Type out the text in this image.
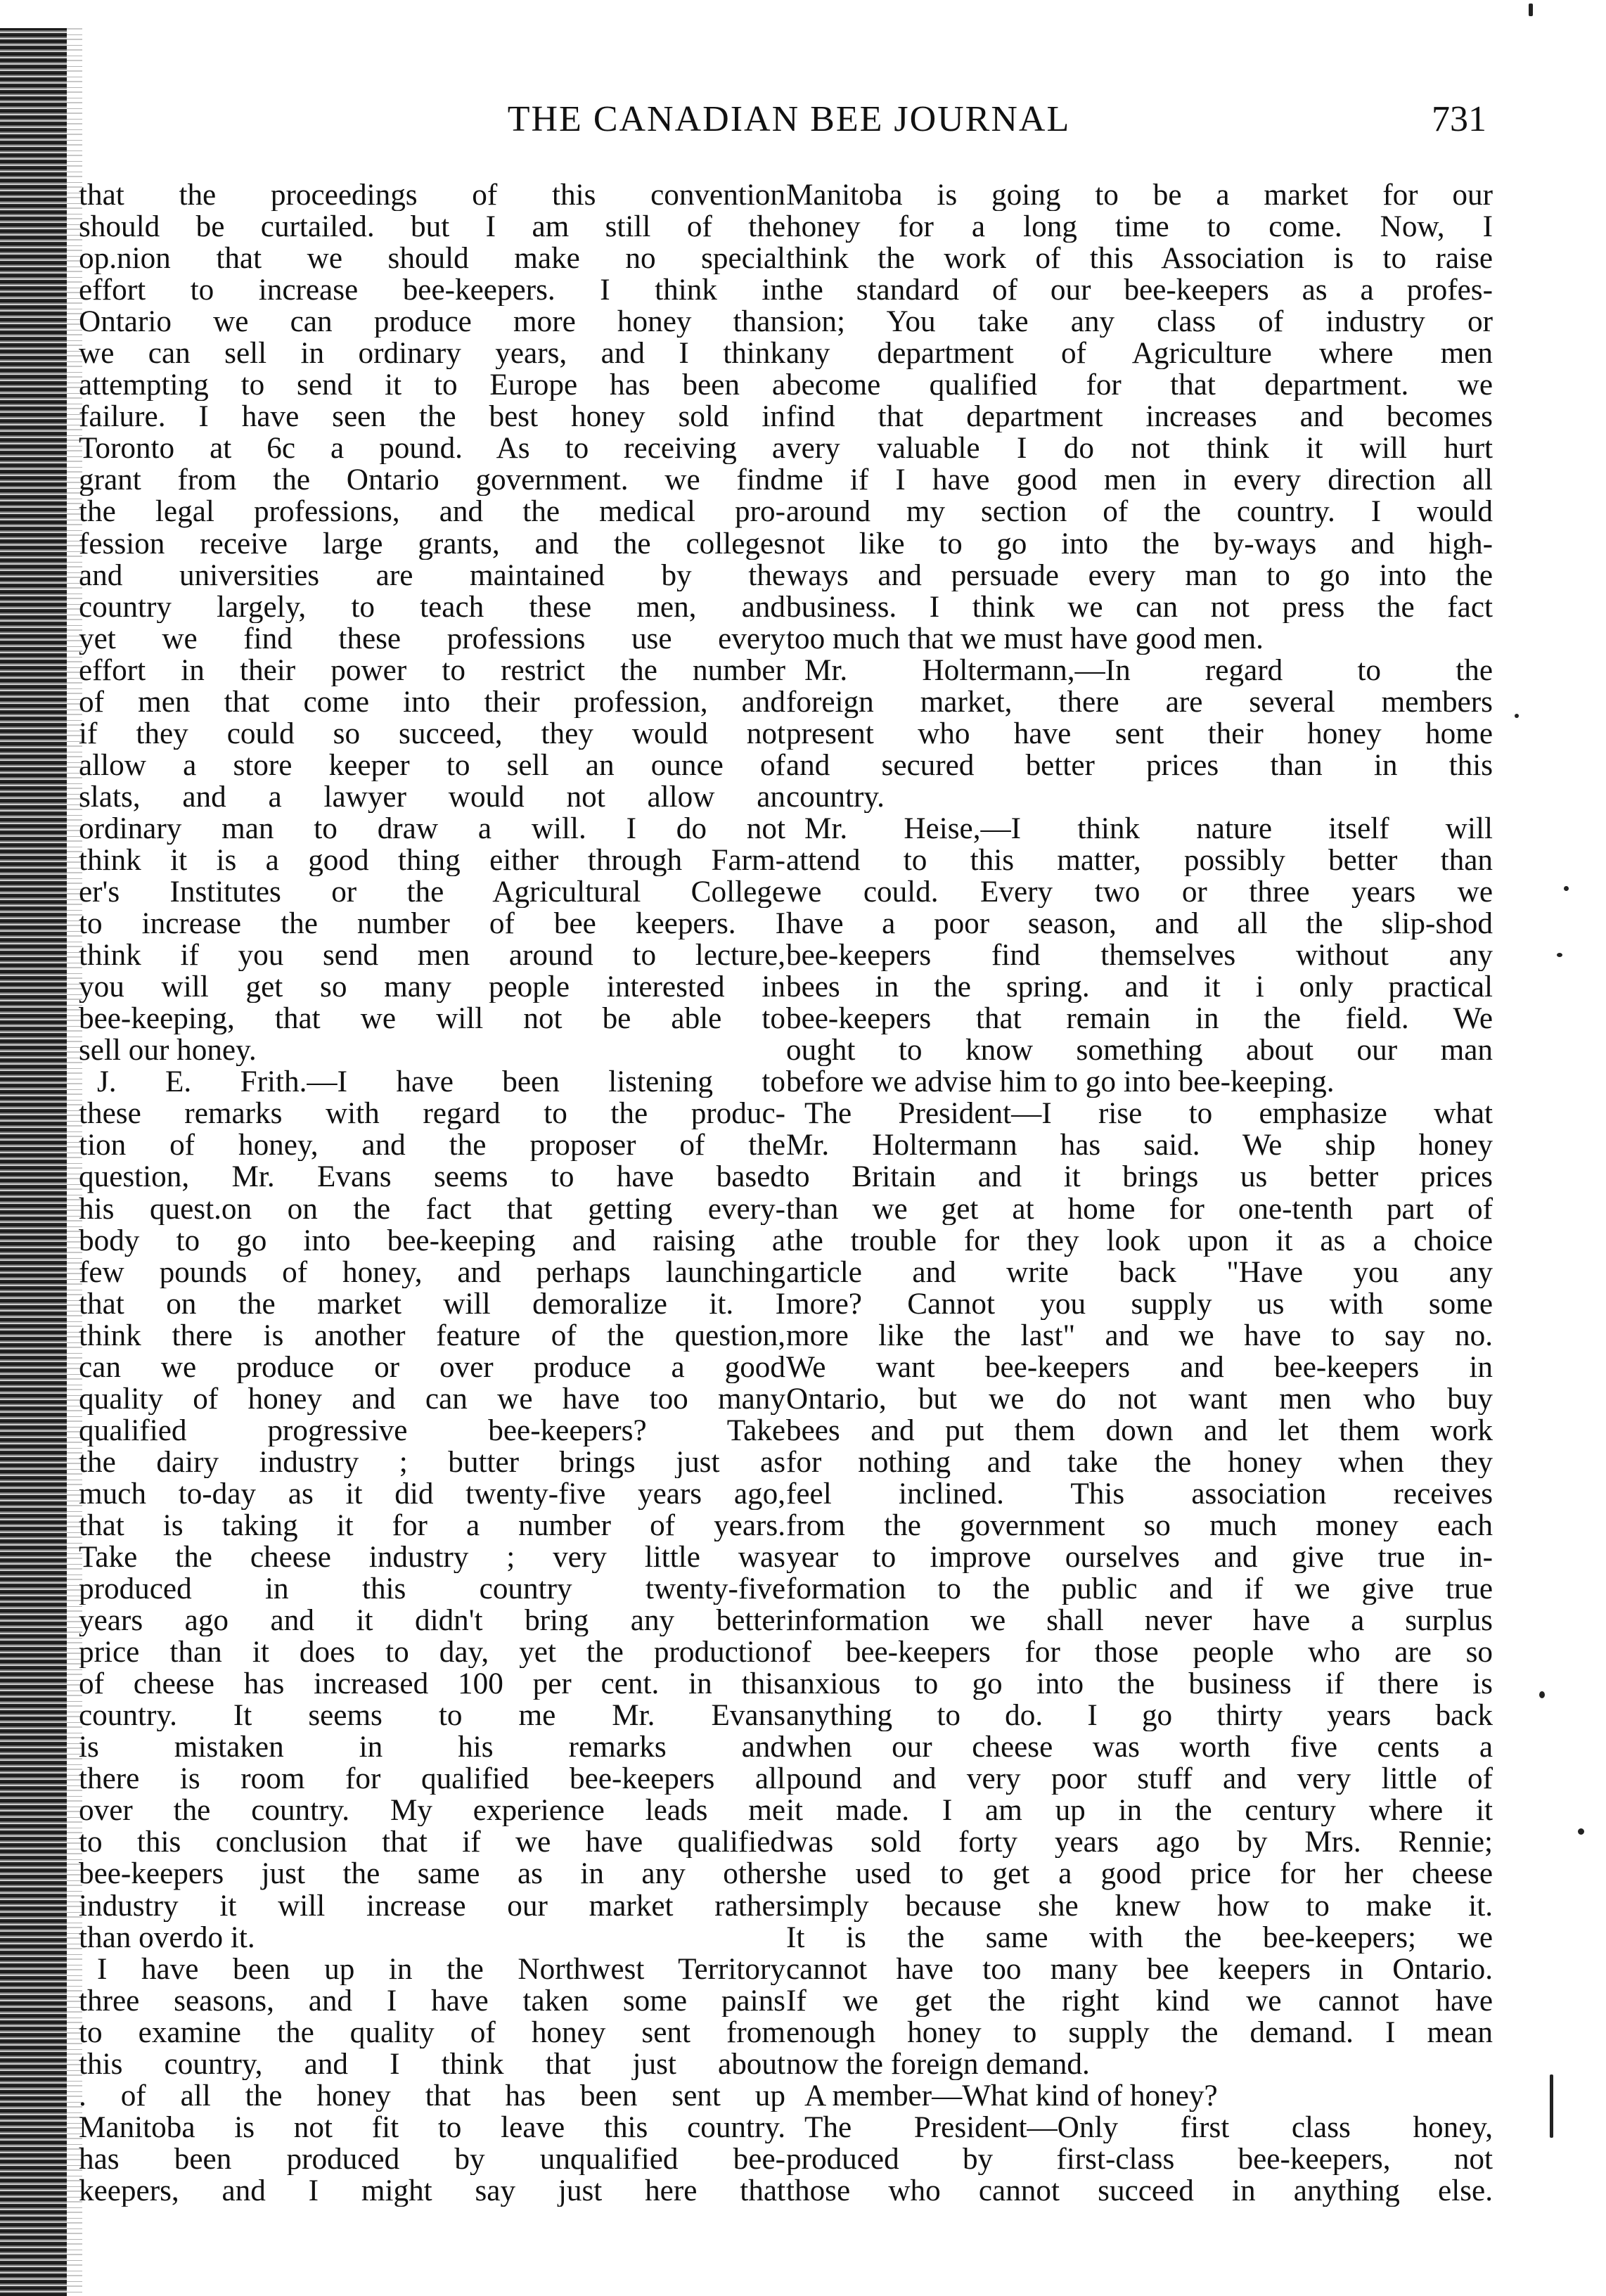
THE CANADIAN BEE JOURNAL	731
that the proceedings of this convention
should be curtailed. but I am still of the
op.nion that we should make no special
effort to increase bee-keepers. I think in
Ontario we can produce more honey than
we can sell in ordinary years, and I think
attempting to send it to Europe has been a
failure. I have seen the best honey sold in
Toronto at 6c a pound. As to receiving a
grant from the Ontario government. we find
the legal professions, and the medical pro-
fession receive large grants, and the colleges
and universities are maintained by the
country largely, to teach these men, and
yet we find these professions use every
effort in their power to restrict the number
of men that come into their profession, and
if they could so succeed, they would not
allow a store keeper to sell an ounce of
slats, and a lawyer would not allow an
ordinary man to draw a will. I do not
think it is a good thing either through Farm-
er's Institutes or the Agricultural College
to increase the number of bee keepers. I
think if you send men around to lecture,
you will get so many people interested in
bee-keeping, that we will not be able to
sell our honey.
J. E. Frith.—I have been listening to
these remarks with regard to the produc-
tion of honey, and the proposer of the
question, Mr. Evans seems to have based
his quest.on on the fact that getting every-
body to go into bee-keeping and raising a
few pounds of honey, and perhaps launching
that on the market will demoralize it. I
think there is another feature of the question,
can we produce or over produce a good
quality of honey and can we have too many
qualified progressive bee-keepers? Take
the dairy industry ; butter brings just as
much to-day as it did twenty-five years ago,
that is taking it for a number of years.
Take the cheese industry ; very little was
produced in this country twenty-five
years ago and it didn't bring any better
price than it does to day, yet the production
of cheese has increased 100 per cent. in this
country. It seems to me Mr. Evans
is mistaken in his remarks and
there is room for qualified bee-keepers all
over the country. My experience leads me
to this conclusion that if we have qualified
bee-keepers just the same as in any other
industry it will increase our market rather
than overdo it.
I have been up in the Northwest Territory
three seasons, and I have taken some pains
to examine the quality of honey sent from
this country, and I think that just about
. of all the honey that has been sent up
Manitoba is not fit to leave this country.
has been produced by unqualified bee-
keepers, and I might say just here that
Manitoba is going to be a market for our
honey for a long time to come. Now, I
think the work of this Association is to raise
the standard of our bee-keepers as a profes-
sion; You take any class of industry or
any department of Agriculture where men
become qualified for that department. we
find that department increases and becomes
very valuable I do not think it will hurt
me if I have good men in every direction all
around my section of the country. I would
not like to go into the by-ways and high-
ways and persuade every man to go into the
business. I think we can not press the fact
too much that we must have good men.
Mr. Holtermann,—In regard to the
foreign market, there are several members
present who have sent their honey home
and secured better prices than in this
country.
Mr. Heise,—I think nature itself will
attend to this matter, possibly better than
we could. Every two or three years we
have a poor season, and all the slip-shod
bee-keepers find themselves without any
bees in the spring. and it i only practical
bee-keepers that remain in the field. We
ought to know something about our man
before we advise him to go into bee-keeping.
The President—I rise to emphasize what
Mr. Holtermann has said. We ship honey
to Britain and it brings us better prices
than we get at home for one-tenth part of
the trouble for they look upon it as a choice
article and write back "Have you any
more? Cannot you supply us with some
more like the last" and we have to say no.
We want bee-keepers and bee-keepers in
Ontario, but we do not want men who buy
bees and put them down and let them work
for nothing and take the honey when they
feel inclined. This association receives
from the government so much money each
year to improve ourselves and give true in-
formation to the public and if we give true
information we shall never have a surplus
of bee-keepers for those people who are so
anxious to go into the business if there is
anything to do. I go thirty years back
when our cheese was worth five cents a
pound and very poor stuff and very little of
it made. I am up in the century where it
was sold forty years ago by Mrs. Rennie;
she used to get a good price for her cheese
simply because she knew how to make it.
It is the same with the bee-keepers; we
cannot have too many bee keepers in Ontario.
If we get the right kind we cannot have
enough honey to supply the demand. I mean
now the foreign demand.
A member—What kind of honey?
The President—Only first class honey,
produced by first-class bee-keepers, not
those who cannot succeed in anything else.
